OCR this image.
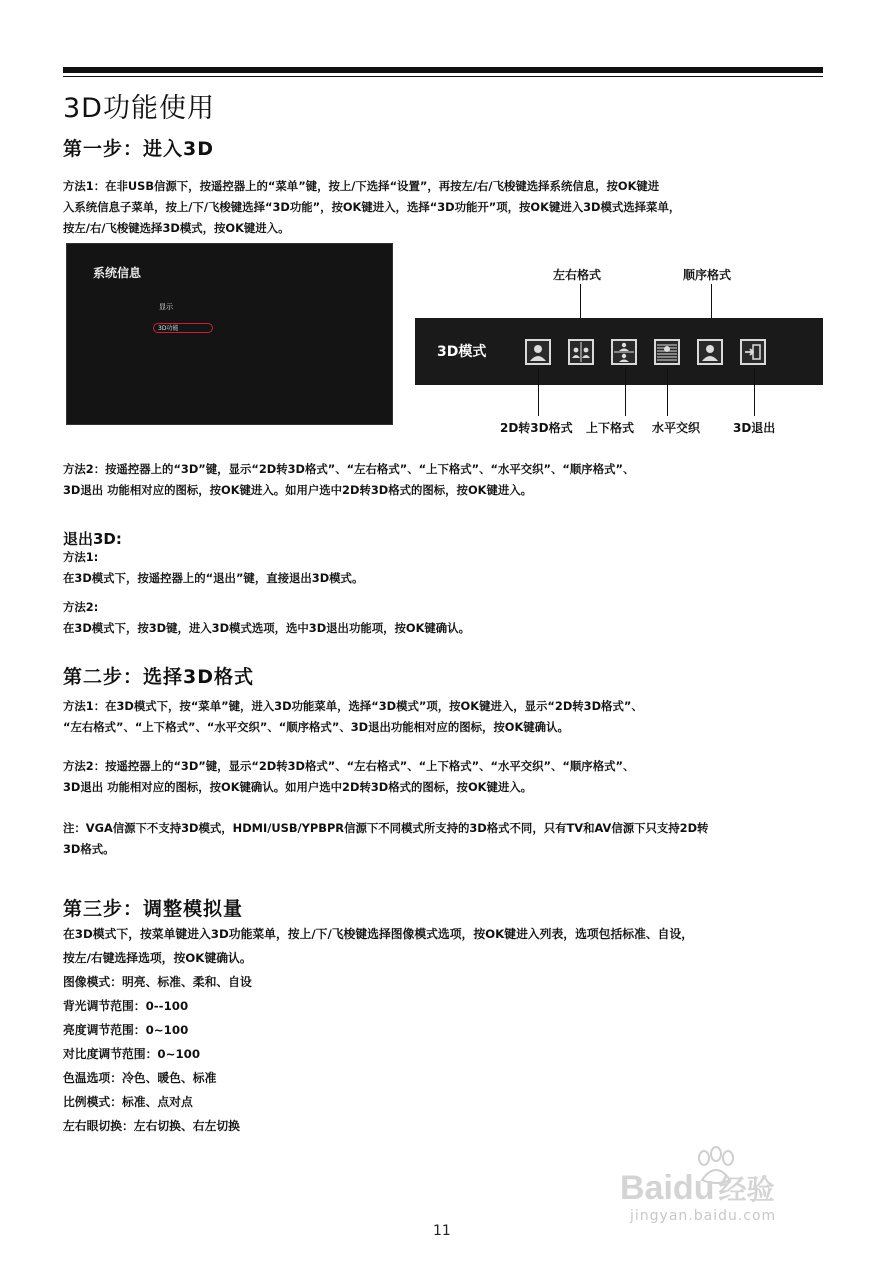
3D功能使用
第一步：进入3D
方法1：在非USB信源下，按遥控器上的“菜单”键，按上/下选择“设置”，再按左/右/飞梭键选择系统信息，按OK键进
入系统信息子菜单，按上/下/飞梭键选择“3D功能”，按OK键进入，选择“3D功能开”项，按OK键进入3D模式选择菜单，
按左/右/飞梭键选择3D模式，按OK键进入。
系统信息
显示
3D功能
左右格式	顺序格式
3D模式
2D转3D格式 上下格式 水平交织	3D退出
方法2：按遥控器上的“3D”键，显示“2D转3D格式”、“左右格式”、“上下格式”、“水平交织”、“顺序格式”、
3D退出 功能相对应的图标，按OK键进入。如用户选中2D转3D格式的图标，按OK键进入。
退出3D:
方法1:
在3D模式下，按遥控器上的“退出”键，直接退出3D模式。
方法2:
在3D模式下，按3D键，进入3D模式选项，选中3D退出功能项，按OK键确认。
第二步：选择3D格式
方法1：在3D模式下，按“菜单”键，进入3D功能菜单，选择“3D模式”项，按OK键进入，显示“2D转3D格式”、
“左右格式”、“上下格式”、“水平交织”、“顺序格式”、3D退出功能相对应的图标，按OK键确认。
方法2：按遥控器上的“3D”键，显示“2D转3D格式”、“左右格式”、“上下格式”、“水平交织”、“顺序格式”、
3D退出 功能相对应的图标，按OK键确认。如用户选中2D转3D格式的图标，按OK键进入。
注：VGA信源下不支持3D模式，HDMI/USB/YPBPR信源下不同模式所支持的3D格式不同，只有TV和AV信源下只支持2D转
3D格式。
第三步：调整模拟量
在3D模式下，按菜单键进入3D功能菜单，按上/下/飞梭键选择图像模式选项，按OK键进入列表，选项包括标准、自设，
按左/右键选择选项，按OK键确认。
图像模式：明亮、标准、柔和、自设
背光调节范围：0--100
亮度调节范围：0~100
对比度调节范围：0~100
色温选项：冷色、暖色、标准
比例模式：标准、点对点
左右眼切换：左右切换、右左切换
Baidu 经验
jingyan.baidu.com
11
